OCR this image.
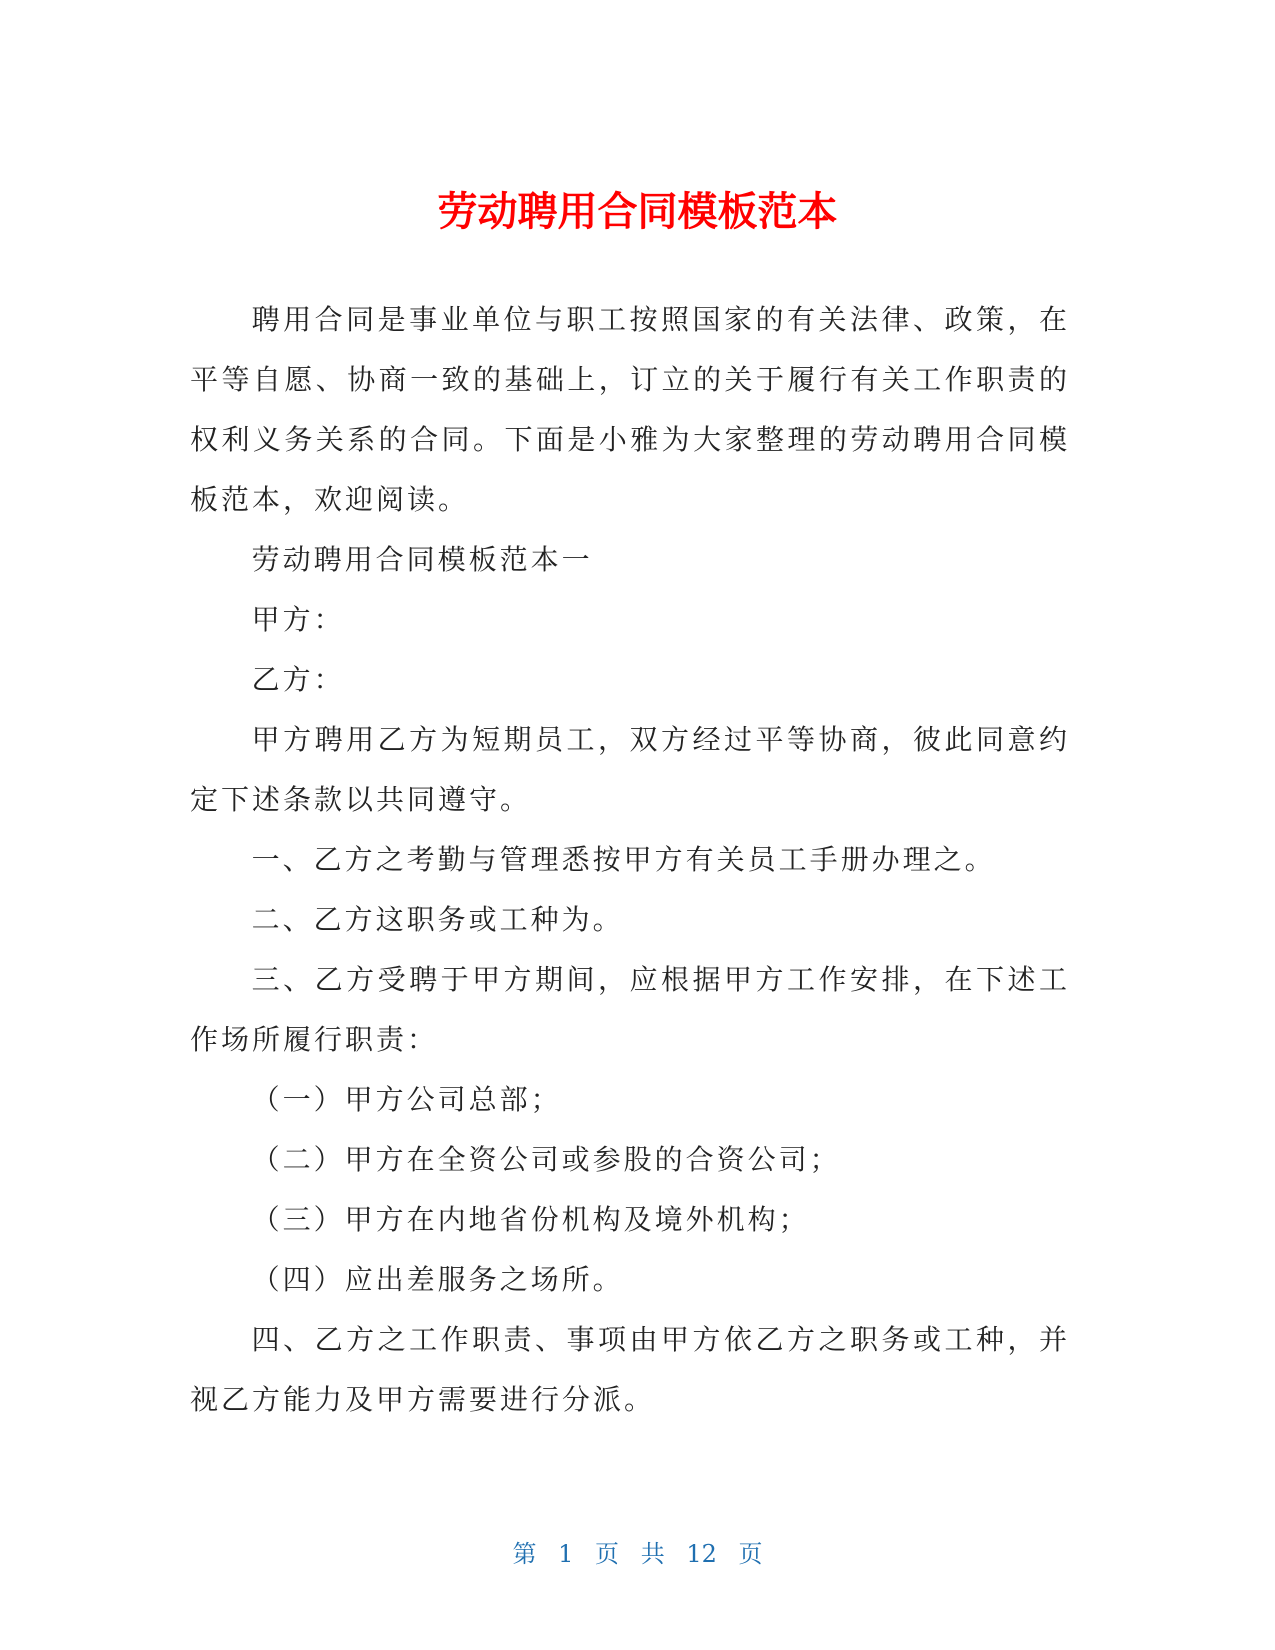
劳动聘用合同模板范本

聘用合同是事业单位与职工按照国家的有关法律、政策，在平等自愿、协商一致的基础上，订立的关于履行有关工作职责的权利义务关系的合同。下面是小雅为大家整理的劳动聘用合同模板范本，欢迎阅读。

劳动聘用合同模板范本一

甲方：

乙方：

甲方聘用乙方为短期员工，双方经过平等协商，彼此同意约定下述条款以共同遵守。

一、乙方之考勤与管理悉按甲方有关员工手册办理之。

二、乙方这职务或工种为。

三、乙方受聘于甲方期间，应根据甲方工作安排，在下述工作场所履行职责：

（一）甲方公司总部；

（二）甲方在全资公司或参股的合资公司；

（三）甲方在内地省份机构及境外机构；

（四）应出差服务之场所。

四、乙方之工作职责、事项由甲方依乙方之职务或工种，并视乙方能力及甲方需要进行分派。

第 1 页 共 12 页
